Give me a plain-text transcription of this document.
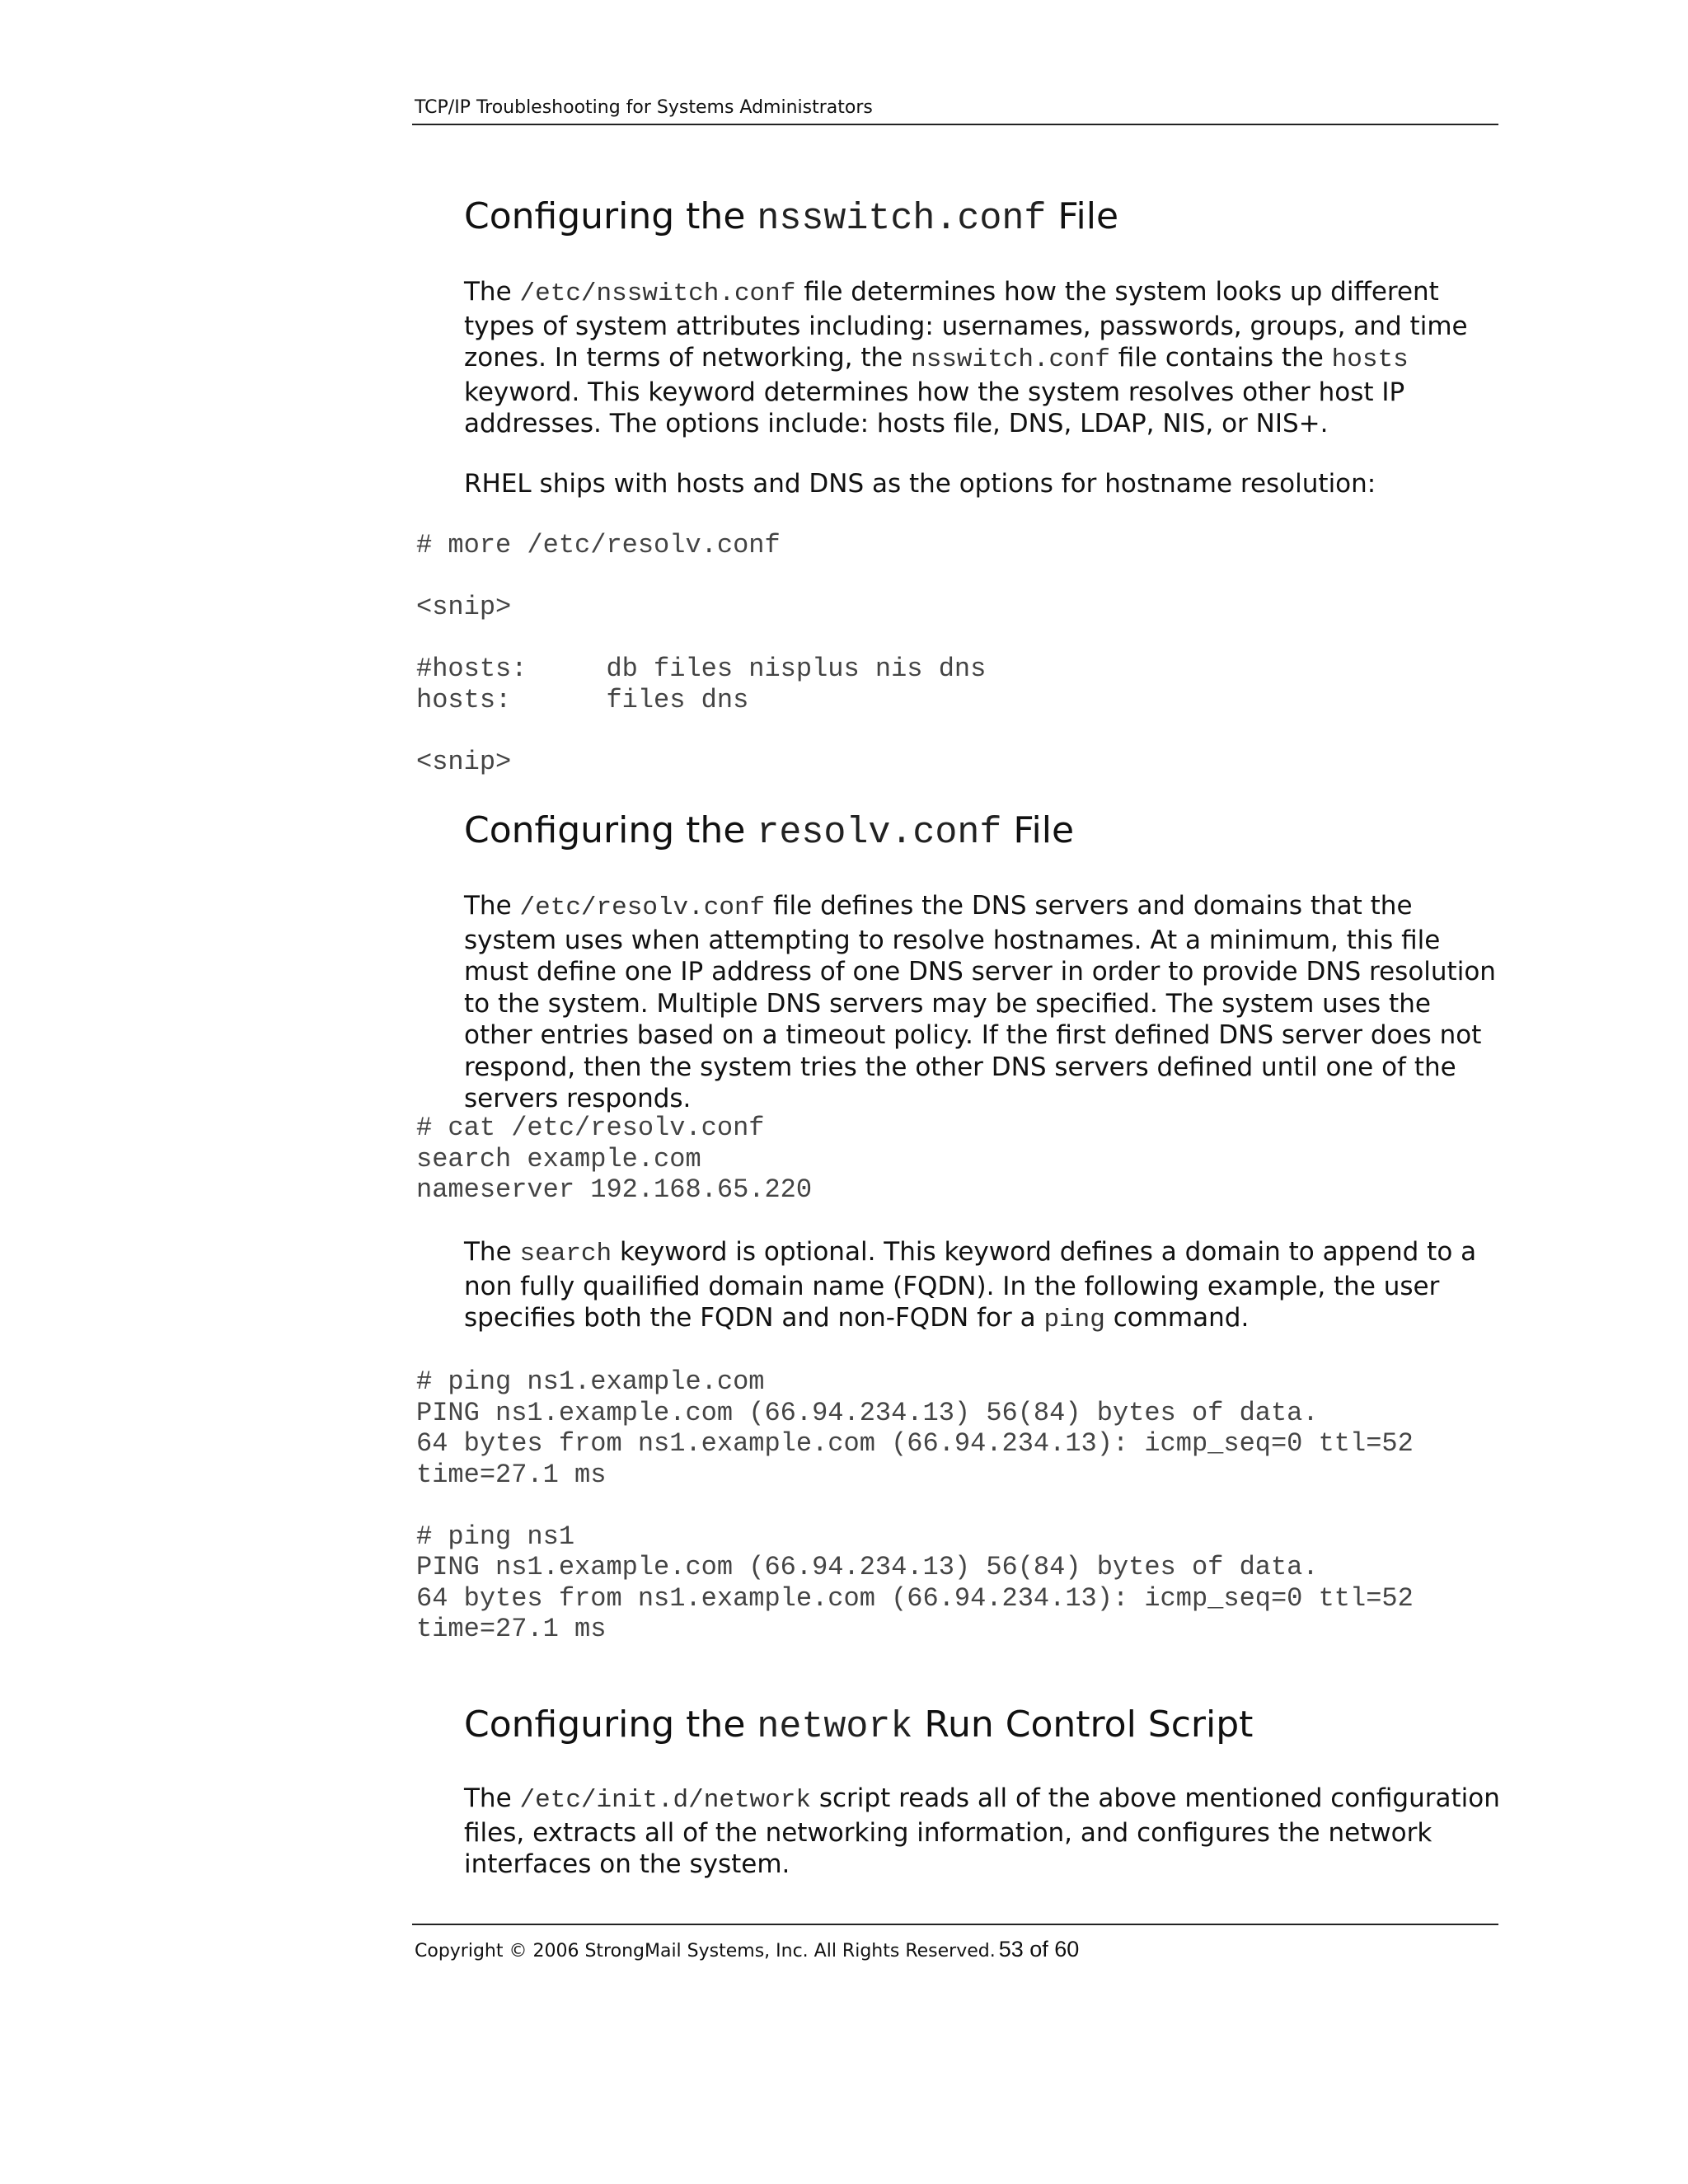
TCP/IP Troubleshooting for Systems Administrators
Configuring the nsswitch.conf File

The /etc/nsswitch.conf file determines how the system looks up different types of system attributes including: usernames, passwords, groups, and time zones. In terms of networking, the nsswitch.conf file contains the hosts keyword. This keyword determines how the system resolves other host IP addresses. The options include: hosts file, DNS, LDAP, NIS, or NIS+.

RHEL ships with hosts and DNS as the options for hostname resolution:

# more /etc/resolv.conf

<snip>

#hosts:     db files nisplus nis dns
hosts:      files dns

<snip>
Configuring the resolv.conf File

The /etc/resolv.conf file defines the DNS servers and domains that the system uses when attempting to resolve hostnames. At a minimum, this file must define one IP address of one DNS server in order to provide DNS resolution to the system. Multiple DNS servers may be specified. The system uses the other entries based on a timeout policy. If the first defined DNS server does not respond, then the system tries the other DNS servers defined until one of the servers responds.

# cat /etc/resolv.conf
search example.com
nameserver 192.168.65.220

The search keyword is optional. This keyword defines a domain to append to a non fully quailified domain name (FQDN). In the following example, the user specifies both the FQDN and non-FQDN for a ping command.

# ping ns1.example.com
PING ns1.example.com (66.94.234.13) 56(84) bytes of data.
64 bytes from ns1.example.com (66.94.234.13): icmp_seq=0 ttl=52
time=27.1 ms

# ping ns1
PING ns1.example.com (66.94.234.13) 56(84) bytes of data.
64 bytes from ns1.example.com (66.94.234.13): icmp_seq=0 ttl=52
time=27.1 ms
Configuring the network Run Control Script

The /etc/init.d/network script reads all of the above mentioned configuration files, extracts all of the networking information, and configures the network interfaces on the system.

Copyright © 2006 StrongMail Systems, Inc. All Rights Reserved. 53 of 60
